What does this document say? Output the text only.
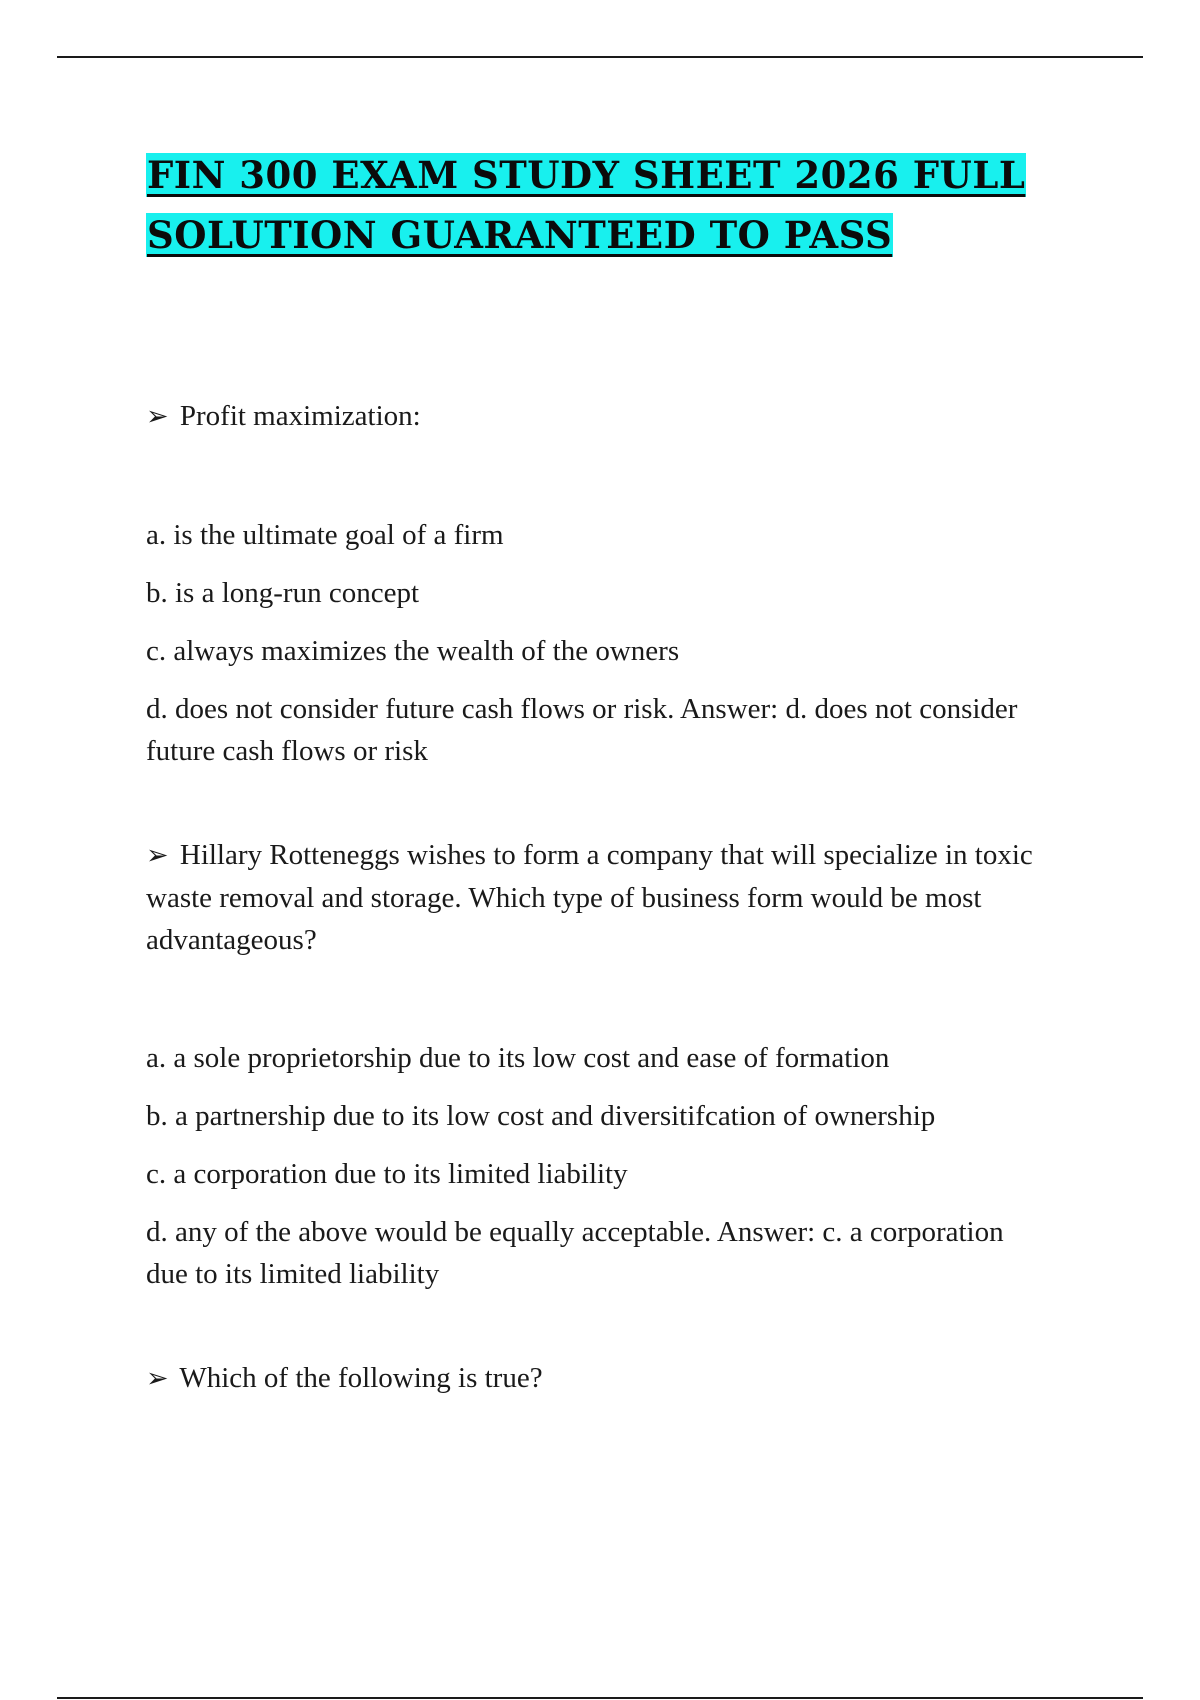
FIN 300 EXAM STUDY SHEET 2026 FULL SOLUTION GUARANTEED TO PASS

➢ Profit maximization:

a. is the ultimate goal of a firm
b. is a long-run concept
c. always maximizes the wealth of the owners
d. does not consider future cash flows or risk. Answer: d. does not consider future cash flows or risk

➢ Hillary Rotteneggs wishes to form a company that will specialize in toxic waste removal and storage. Which type of business form would be most advantageous?

a. a sole proprietorship due to its low cost and ease of formation
b. a partnership due to its low cost and diversitifcation of ownership
c. a corporation due to its limited liability
d. any of the above would be equally acceptable. Answer: c. a corporation due to its limited liability

➢ Which of the following is true?
